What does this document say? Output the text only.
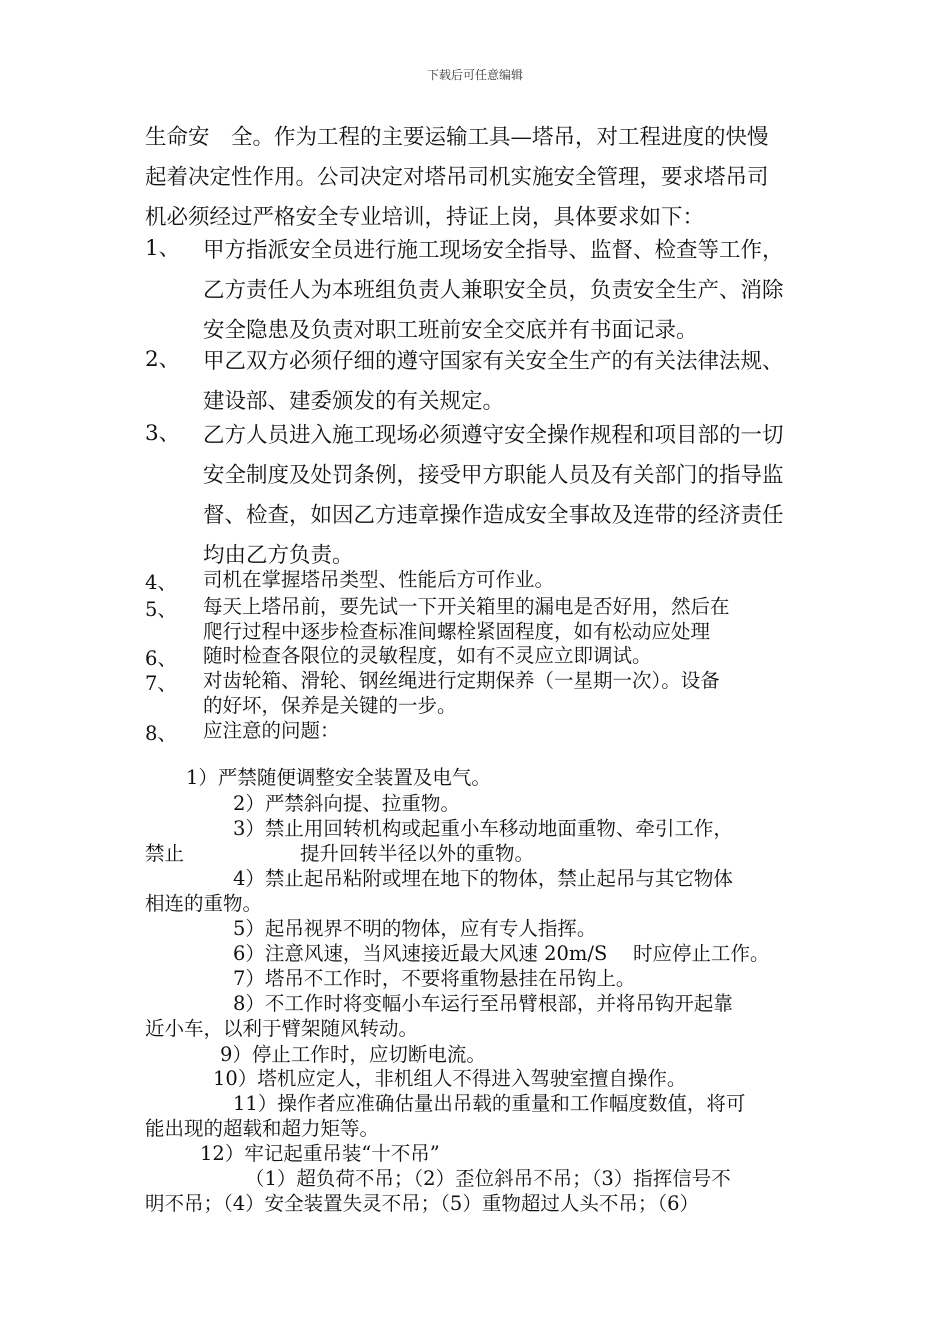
下载后可任意编辑

生命安　全。作为工程的主要运输工具—塔吊，对工程进度的快慢

起着决定性作用。公司决定对塔吊司机实施安全管理，要求塔吊司

机必须经过严格安全专业培训，持证上岗，具体要求如下：

1、 甲方指派安全员进行施工现场安全指导、监督、检查等工作，

乙方责任人为本班组负责人兼职安全员，负责安全生产、消除

安全隐患及负责对职工班前安全交底并有书面记录。

2、 甲乙双方必须仔细的遵守国家有关安全生产的有关法律法规、

建设部、建委颁发的有关规定。

3、 乙方人员进入施工现场必须遵守安全操作规程和项目部的一切

安全制度及处罚条例，接受甲方职能人员及有关部门的指导监

督、检查，如因乙方违章操作造成安全事故及连带的经济责任

均由乙方负责。

4、 司机在掌握塔吊类型、性能后方可作业。

5、 每天上塔吊前，要先试一下开关箱里的漏电是否好用，然后在

爬行过程中逐步检查标准间螺栓紧固程度，如有松动应处理

6、 随时检查各限位的灵敏程度，如有不灵应立即调试。

7、 对齿轮箱、滑轮、钢丝绳进行定期保养（一星期一次）。设备

的好坏，保养是关键的一步。

8、 应注意的问题：

1）严禁随便调整安全装置及电气。
2）严禁斜向提、拉重物。
3）禁止用回转机构或起重小车移动地面重物、牵引工作，
禁止	提升回转半径以外的重物。
4）禁止起吊粘附或埋在地下的物体，禁止起吊与其它物体
相连的重物。
5）起吊视界不明的物体，应有专人指挥。
6）注意风速，当风速接近最大风速 20m/S　 时应停止工作。
7）塔吊不工作时，不要将重物悬挂在吊钩上。
8）不工作时将变幅小车运行至吊臂根部，并将吊钩开起靠
近小车，以利于臂架随风转动。
9）停止工作时，应切断电流。
10）塔机应定人，非机组人不得进入驾驶室擅自操作。
11）操作者应准确估量出吊载的重量和工作幅度数值，将可
能出现的超载和超力矩等。
12）牢记起重吊装“十不吊”
（1）超负荷不吊；（2）歪位斜吊不吊；（3）指挥信号不
明不吊；（4）安全装置失灵不吊；（5）重物超过人头不吊；（6）
